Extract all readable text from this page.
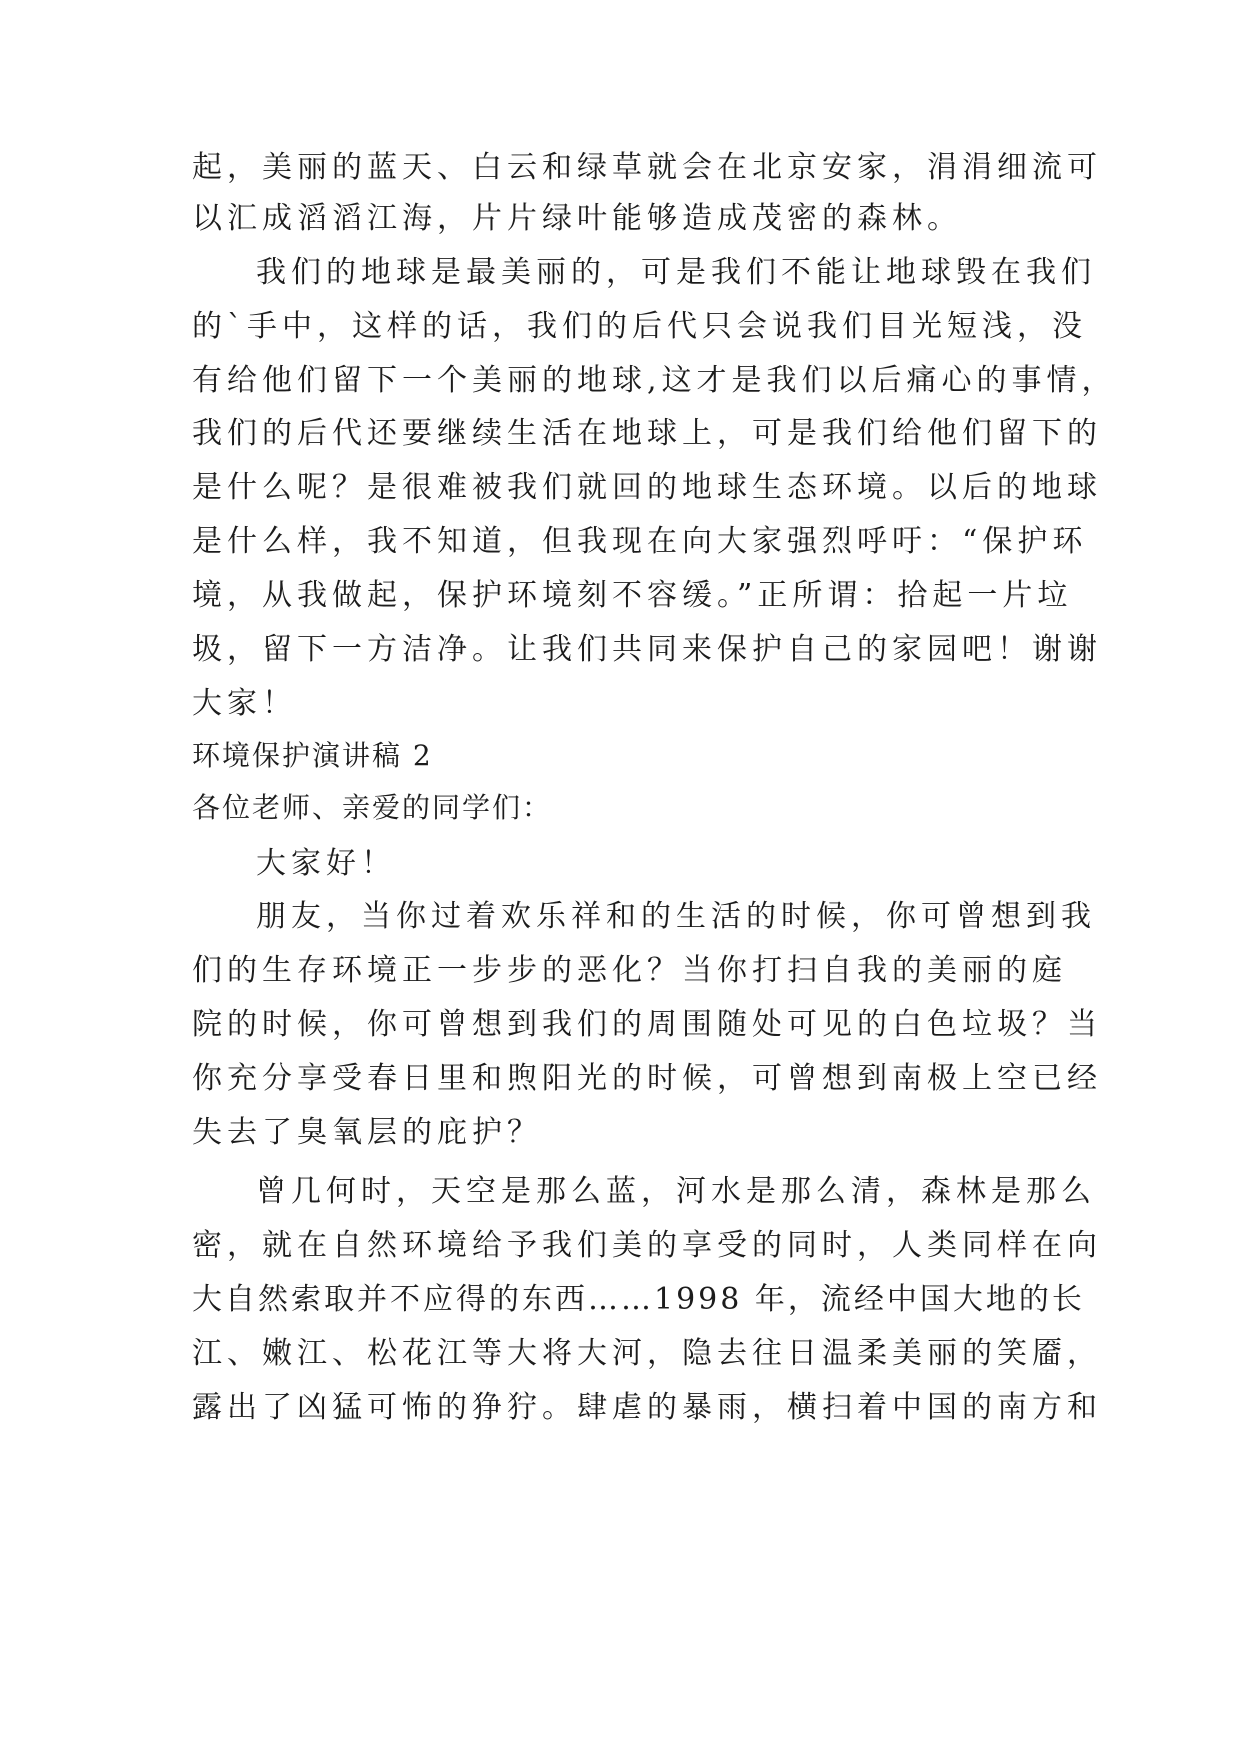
起，美丽的蓝天、白云和绿草就会在北京安家，涓涓细流可

以汇成滔滔江海，片片绿叶能够造成茂密的森林。

我们的地球是最美丽的，可是我们不能让地球毁在我们

的`手中，这样的话，我们的后代只会说我们目光短浅，没

有给他们留下一个美丽的地球,这才是我们以后痛心的事情，

我们的后代还要继续生活在地球上，可是我们给他们留下的

是什么呢？是很难被我们就回的地球生态环境。以后的地球

是什么样，我不知道，但我现在向大家强烈呼吁：“保护环

境，从我做起，保护环境刻不容缓。”正所谓：拾起一片垃

圾，留下一方洁净。让我们共同来保护自己的家园吧！谢谢

大家！

环境保护演讲稿 2

各位老师、亲爱的同学们：

大家好！

朋友，当你过着欢乐祥和的生活的时候，你可曾想到我

们的生存环境正一步步的恶化？当你打扫自我的美丽的庭

院的时候，你可曾想到我们的周围随处可见的白色垃圾？当

你充分享受春日里和煦阳光的时候，可曾想到南极上空已经

失去了臭氧层的庇护？

曾几何时，天空是那么蓝，河水是那么清，森林是那么

密，就在自然环境给予我们美的享受的同时，人类同样在向

大自然索取并不应得的东西……1998 年，流经中国大地的长

江、嫩江、松花江等大将大河，隐去往日温柔美丽的笑靥，

露出了凶猛可怖的狰狞。肆虐的暴雨，横扫着中国的南方和
